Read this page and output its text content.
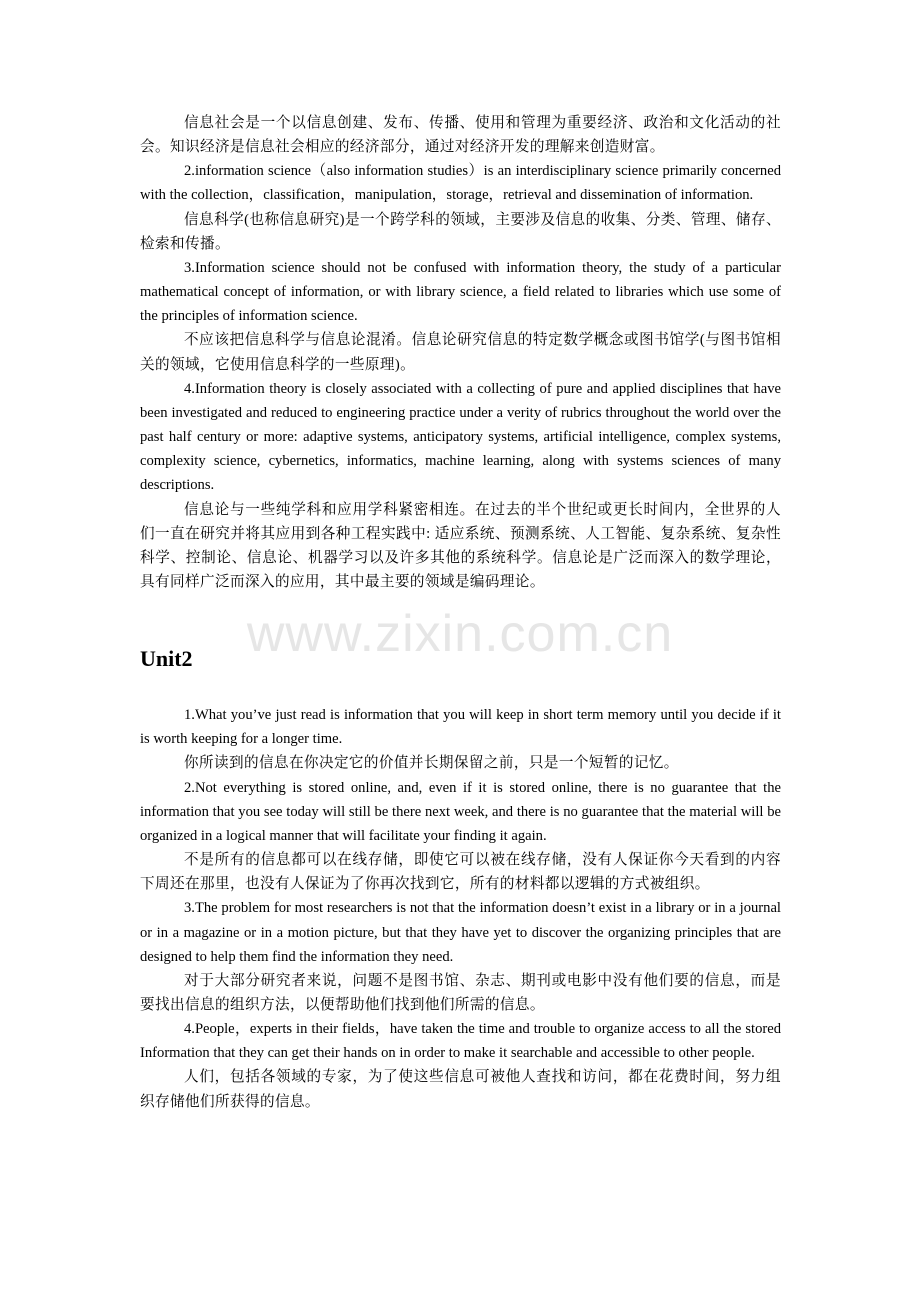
www.zixin.com.cn

信息社会是一个以信息创建、发布、传播、使用和管理为重要经济、政治和文化活动的社会。知识经济是信息社会相应的经济部分，通过对经济开发的理解来创造财富。

2.information science（also information studies）is an interdisciplinary science primarily concerned with the collection，classification，manipulation，storage，retrieval and dissemination of information.

信息科学(也称信息研究)是一个跨学科的领域，主要涉及信息的收集、分类、管理、储存、检索和传播。

3.Information science should not be confused with information theory, the study of a particular mathematical concept of information, or with library science, a field related to libraries which use some of the principles of information science.

不应该把信息科学与信息论混淆。信息论研究信息的特定数学概念或图书馆学(与图书馆相关的领域，它使用信息科学的一些原理)。

4.Information theory is closely associated with a collecting of pure and applied disciplines that have been investigated and reduced to engineering practice under a verity of rubrics throughout the world over the past half century or more: adaptive systems, anticipatory systems, artificial intelligence, complex systems, complexity science, cybernetics, informatics, machine learning, along with systems sciences of many descriptions.

信息论与一些纯学科和应用学科紧密相连。在过去的半个世纪或更长时间内，全世界的人们一直在研究并将其应用到各种工程实践中: 适应系统、预测系统、人工智能、复杂系统、复杂性科学、控制论、信息论、机器学习以及许多其他的系统科学。信息论是广泛而深入的数学理论，具有同样广泛而深入的应用，其中最主要的领域是编码理论。

Unit2

1.What you’ve just read is information that you will keep in short term memory until you decide if it is worth keeping for a longer time.

你所读到的信息在你决定它的价值并长期保留之前，只是一个短暂的记忆。

2.Not everything is stored online, and, even if it is stored online, there is no guarantee that the information that you see today will still be there next week, and there is no guarantee that the material will be organized in a logical manner that will facilitate your finding it again.

不是所有的信息都可以在线存储，即使它可以被在线存储，没有人保证你今天看到的内容下周还在那里，也没有人保证为了你再次找到它，所有的材料都以逻辑的方式被组织。

3.The problem for most researchers is not that the information doesn’t exist in a library or in a journal or in a magazine or in a motion picture, but that they have yet to discover the organizing principles that are designed to help them find the information they need.

对于大部分研究者来说，问题不是图书馆、杂志、期刊或电影中没有他们要的信息，而是要找出信息的组织方法，以便帮助他们找到他们所需的信息。

4.People，experts in their fields，have taken the time and trouble to organize access to all the stored Information that they can get their hands on in order to make it searchable and accessible to other people.

人们，包括各领域的专家，为了使这些信息可被他人查找和访问，都在花费时间，努力组织存储他们所获得的信息。
